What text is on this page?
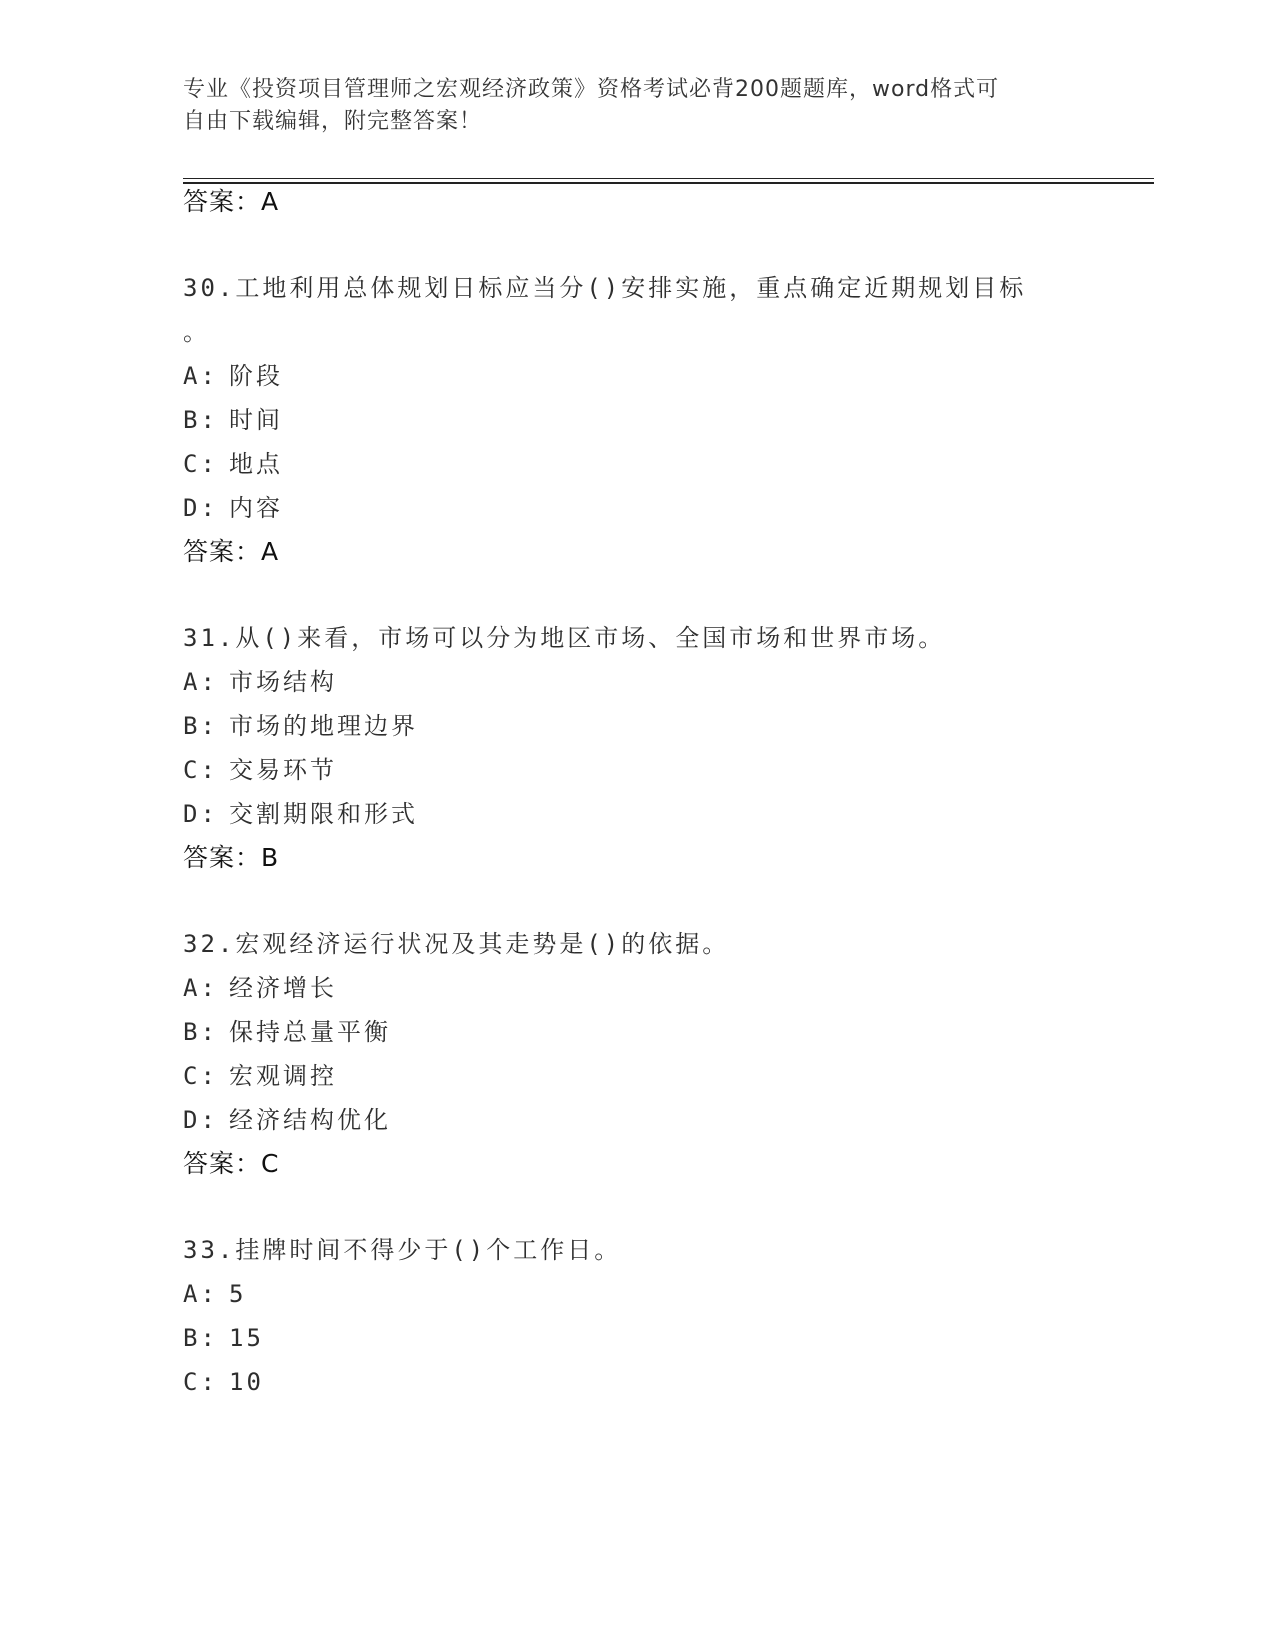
专业《投资项目管理师之宏观经济政策》资格考试必背200题题库，word格式可
自由下载编辑，附完整答案！
答案：A
30.工地利用总体规划日标应当分()安排实施，重点确定近期规划目标
。
A: 阶段
B: 时间
C: 地点
D: 内容
答案：A
31.从()来看，市场可以分为地区市场、全国市场和世界市场。
A: 市场结构
B: 市场的地理边界
C: 交易环节
D: 交割期限和形式
答案：B
32.宏观经济运行状况及其走势是()的依据。
A: 经济增长
B: 保持总量平衡
C: 宏观调控
D: 经济结构优化
答案：C
33.挂牌时间不得少于()个工作日。
A: 5
B: 15
C: 10
